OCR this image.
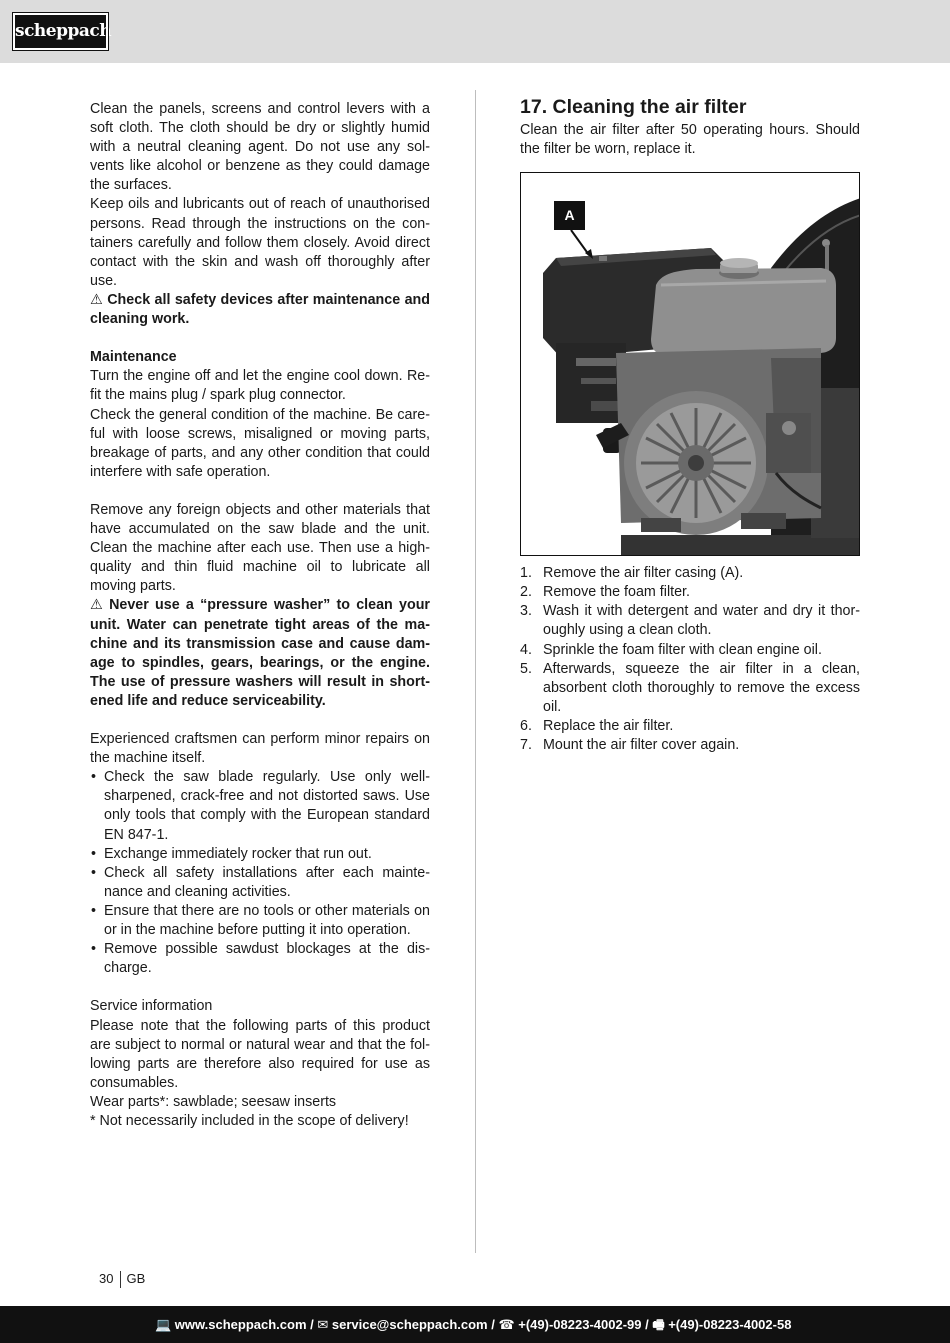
scheppach

Clean the panels, screens and control levers with a soft cloth. The cloth should be dry or slightly humid with a neutral cleaning agent. Do not use any solvents like alcohol or benzene as they could damage the surfaces.

Keep oils and lubricants out of reach of unauthorised persons. Read through the instructions on the containers carefully and follow them closely. Avoid direct contact with the skin and wash off thoroughly after use.

⚠ Check all safety devices after maintenance and cleaning work.

Maintenance

Turn the engine off and let the engine cool down. Refit the mains plug / spark plug connector.

Check the general condition of the machine. Be careful with loose screws, misaligned or moving parts, breakage of parts, and any other condition that could interfere with safe operation.

Remove any foreign objects and other materials that have accumulated on the saw blade and the unit. Clean the machine after each use. Then use a high-quality and thin fluid machine oil to lubricate all moving parts.

⚠ Never use a “pressure washer” to clean your unit. Water can penetrate tight areas of the machine and its transmission case and cause damage to spindles, gears, bearings, or the engine. The use of pressure washers will result in shortened life and reduce serviceability.

Experienced craftsmen can perform minor repairs on the machine itself.

• Check the saw blade regularly. Use only well-sharpened, crack-free and not distorted saws. Use only tools that comply with the European standard EN 847-1.
• Exchange immediately rocker that run out.
• Check all safety installations after each maintenance and cleaning activities.
• Ensure that there are no tools or other materials on or in the machine before putting it into operation.
• Remove possible sawdust blockages at the discharge.

Service information

Please note that the following parts of this product are subject to normal or natural wear and that the following parts are therefore also required for use as consumables.

Wear parts*: sawblade; seesaw inserts

* Not necessarily included in the scope of delivery!

17. Cleaning the air filter

Clean the air filter after 50 operating hours. Should the filter be worn, replace it.

A
1. Remove the air filter casing (A).
2. Remove the foam filter.
3. Wash it with detergent and water and dry it thoroughly using a clean cloth.
4. Sprinkle the foam filter with clean engine oil.
5. Afterwards, squeeze the air filter in a clean, absorbent cloth thoroughly to remove the excess oil.
6. Replace the air filter.
7. Mount the air filter cover again.
30 GB
💻 www.scheppach.com / ✉ service@scheppach.com / ☎ +(49)-08223-4002-99 / 🖷 +(49)-08223-4002-58
